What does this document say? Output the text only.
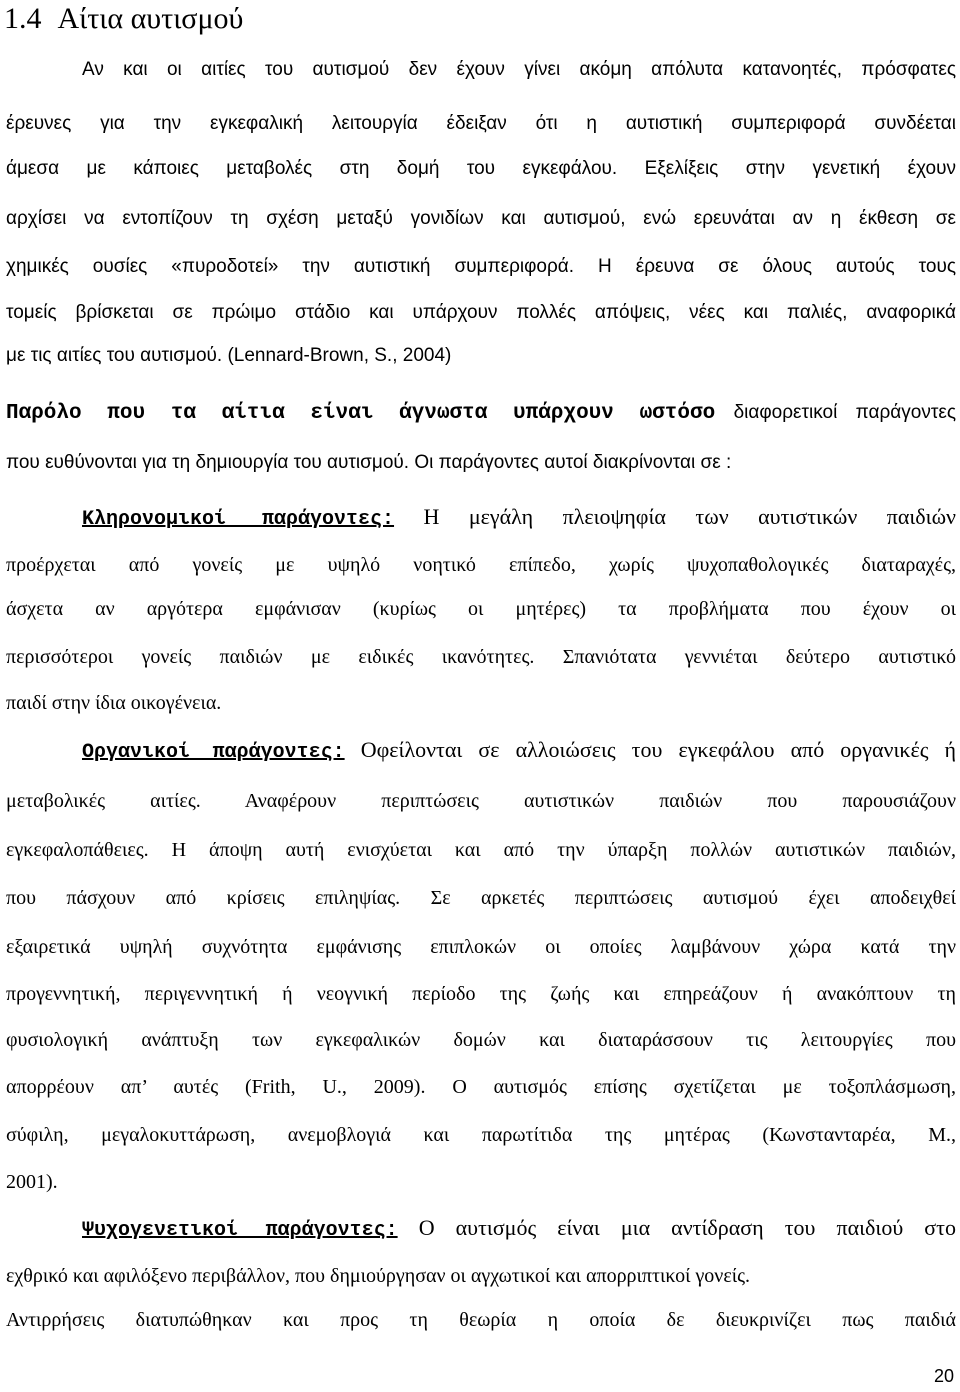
1.4 Αίτια αυτισμού
Αν και οι αιτίες του αυτισμού δεν έχουν γίνει ακόμη απόλυτα κατανοητές, πρόσφατες
έρευνες για την εγκεφαλική λειτουργία έδειξαν ότι η αυτιστική συμπεριφορά συνδέεται
άμεσα με κάποιες μεταβολές στη δομή του εγκεφάλου. Εξελίξεις στην γενετική έχουν
αρχίσει να εντοπίζουν τη σχέση μεταξύ γονιδίων και αυτισμού, ενώ ερευνάται αν η έκθεση σε
χημικές ουσίες «πυροδοτεί» την αυτιστική συμπεριφορά. Η έρευνα σε όλους αυτούς τους
τομείς βρίσκεται σε πρώιμο στάδιο και υπάρχουν πολλές απόψεις, νέες και παλιές, αναφορικά
με τις αιτίες του αυτισμού. (Lennard-Brown, S., 2004)
Παρόλο που τα αίτια είναι άγνωστα υπάρχουν ωστόσο διαφορετικοί παράγοντες
που ευθύνονται για τη δημιουργία του αυτισμού. Οι παράγοντες αυτοί διακρίνονται σε :
Κληρονομικοί παράγοντες: Η μεγάλη πλειοψηφία των αυτιστικών παιδιών
προέρχεται από γονείς με υψηλό νοητικό επίπεδο, χωρίς ψυχοπαθολογικές διαταραχές,
άσχετα αν αργότερα εμφάνισαν (κυρίως οι μητέρες) τα προβλήματα που έχουν οι
περισσότεροι γονείς παιδιών με ειδικές ικανότητες. Σπανιότατα γεννιέται δεύτερο αυτιστικό
παιδί στην ίδια οικογένεια.
Οργανικοί παράγοντες: Οφείλονται σε αλλοιώσεις του εγκεφάλου από οργανικές ή
μεταβολικές αιτίες. Αναφέρουν περιπτώσεις αυτιστικών παιδιών που παρουσιάζουν
εγκεφαλοπάθειες. Η άποψη αυτή ενισχύεται και από την ύπαρξη πολλών αυτιστικών παιδιών,
που πάσχουν από κρίσεις επιληψίας. Σε αρκετές περιπτώσεις αυτισμού έχει αποδειχθεί
εξαιρετικά υψηλή συχνότητα εμφάνισης επιπλοκών οι οποίες λαμβάνουν χώρα κατά την
προγεννητική, περιγεννητική ή νεογνική περίοδο της ζωής και επηρεάζουν ή ανακόπτουν τη
φυσιολογική ανάπτυξη των εγκεφαλικών δομών και διαταράσσουν τις λειτουργίες που
απορρέουν απ’ αυτές (Frith, U., 2009). Ο αυτισμός επίσης σχετίζεται με τοξοπλάσμωση,
σύφιλη, μεγαλοκυττάρωση, ανεμοβλογιά και παρωτίτιδα της μητέρας (Κωνστανταρέα, Μ.,
2001).
Ψυχογενετικοί παράγοντες: Ο αυτισμός είναι μια αντίδραση του παιδιού στο
εχθρικό και αφιλόξενο περιβάλλον, που δημιούργησαν οι αγχωτικοί και απορριπτικοί γονείς.
Αντιρρήσεις διατυπώθηκαν και προς τη θεωρία η οποία δε διευκρινίζει πως παιδιά
20
